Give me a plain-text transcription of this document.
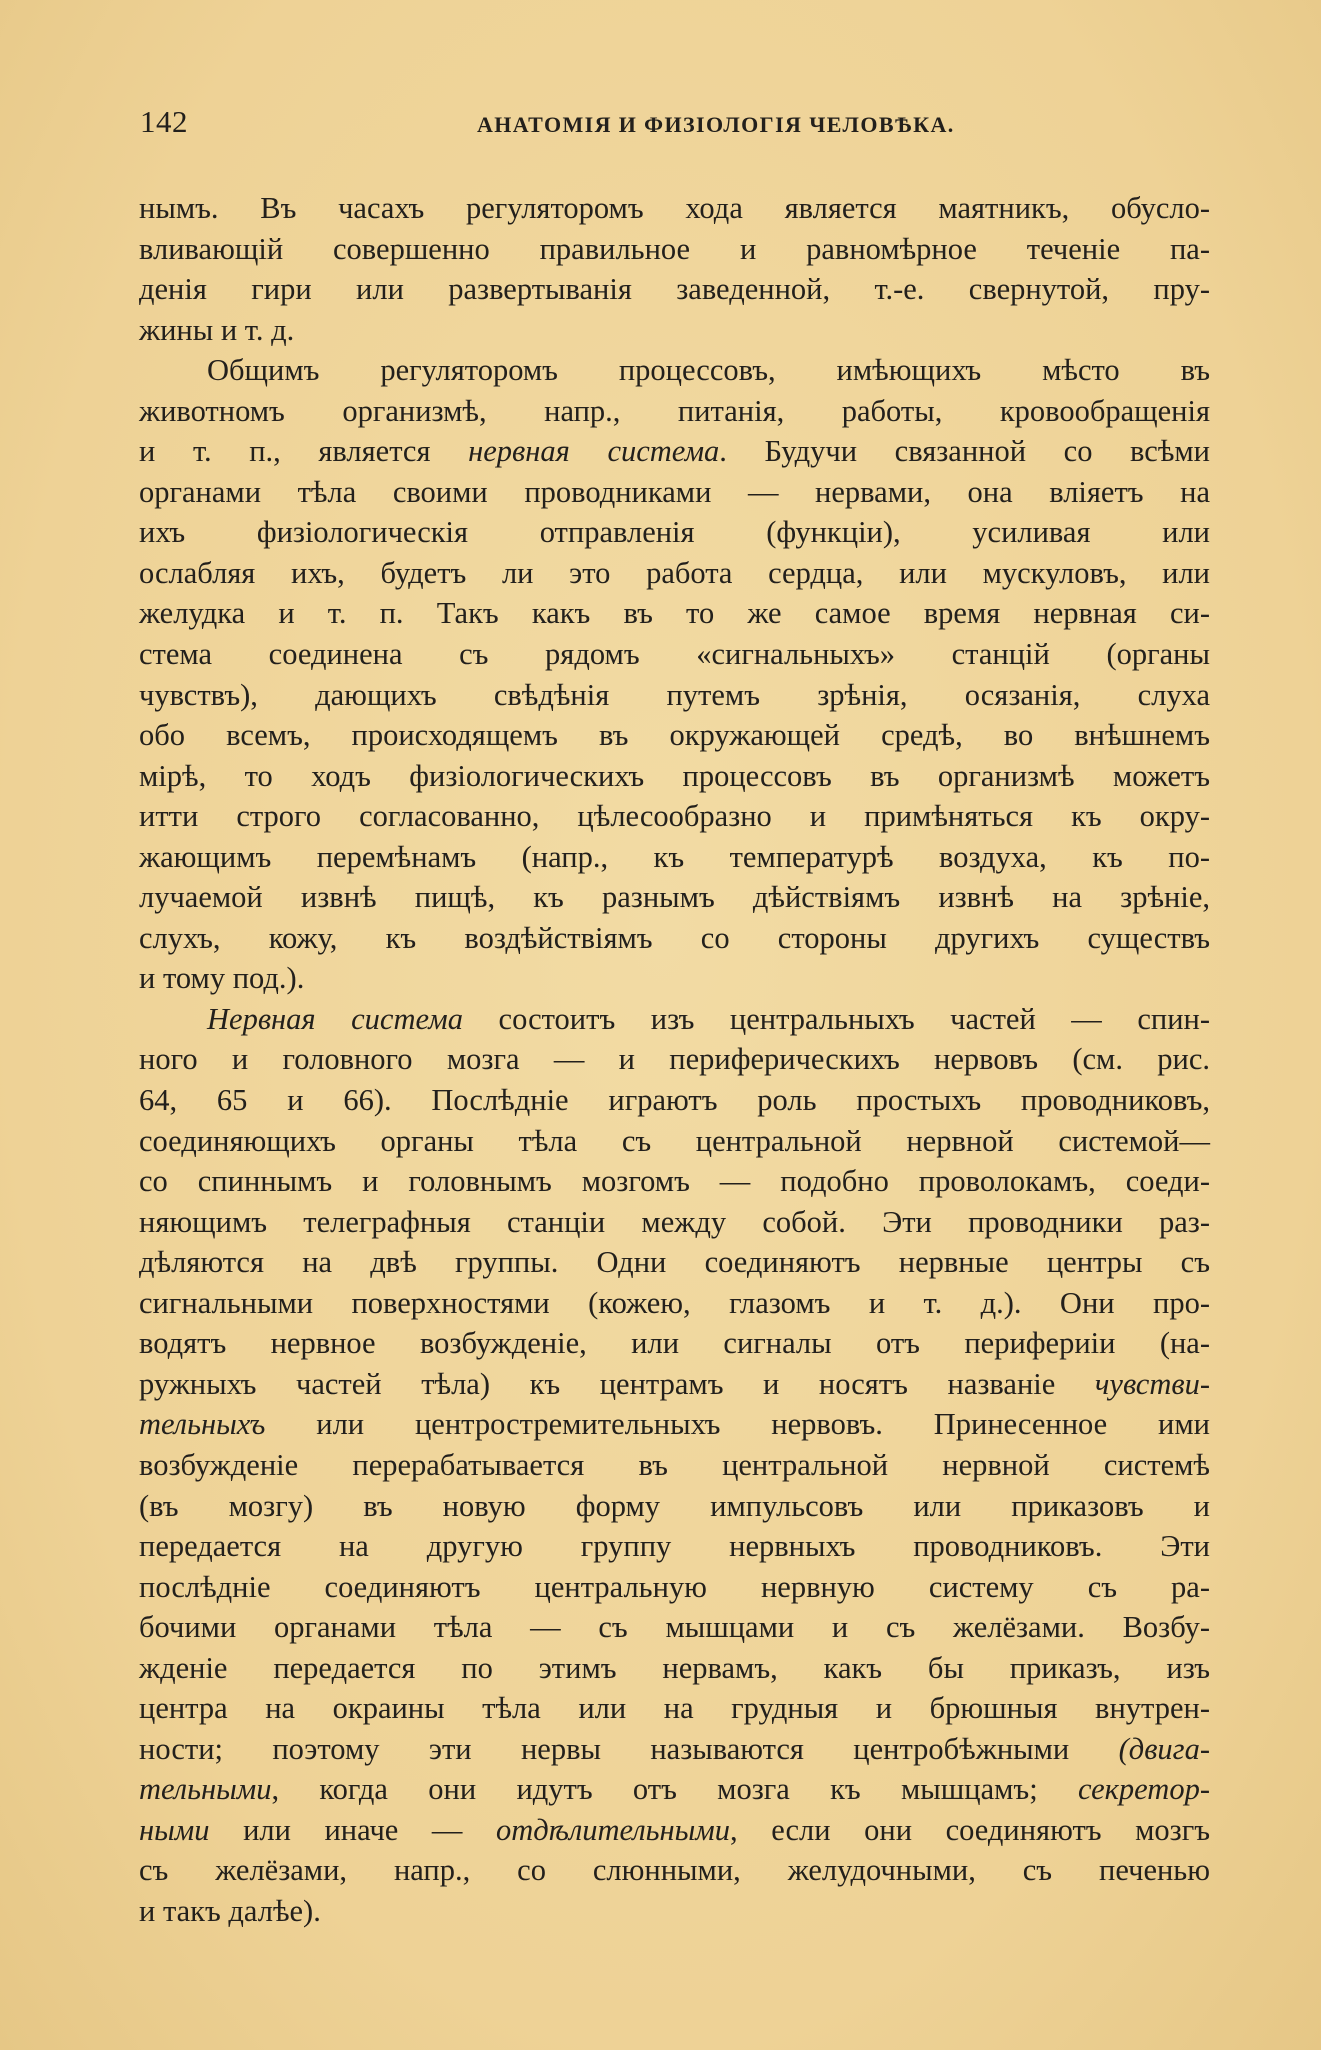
142	АНАТОМІЯ И ФИЗІОЛОГІЯ ЧЕЛОВѢКА.

нымъ. Въ часахъ регуляторомъ хода является маятникъ, обусло-
вливающій совершенно правильное и равномѣрное теченіе па-
денія гири или развертыванія заведенной, т.-е. свернутой, пру-
жины и т. д.

Общимъ регуляторомъ процессовъ, имѣющихъ мѣсто въ
животномъ организмѣ, напр., питанія, работы, кровообращенія
и т. п., является нервная система. Будучи связанной со всѣми
органами тѣла своими проводниками — нервами, она вліяетъ на
ихъ физіологическія отправленія (функціи), усиливая или
ослабляя ихъ, будетъ ли это работа сердца, или мускуловъ, или
желудка и т. п. Такъ какъ въ то же самое время нервная си-
стема соединена съ рядомъ «сигнальныхъ» станцій (органы
чувствъ), дающихъ свѣдѣнія путемъ зрѣнія, осязанія, слуха
обо всемъ, происходящемъ въ окружающей средѣ, во внѣшнемъ
мірѣ, то ходъ физіологическихъ процессовъ въ организмѣ можетъ
итти строго согласованно, цѣлесообразно и примѣняться къ окру-
жающимъ перемѣнамъ (напр., къ температурѣ воздуха, къ по-
лучаемой извнѣ пищѣ, къ разнымъ дѣйствіямъ извнѣ на зрѣніе,
слухъ, кожу, къ воздѣйствіямъ со стороны другихъ существъ
и тому под.).

Нервная система состоитъ изъ центральныхъ частей — спин-
ного и головного мозга — и периферическихъ нервовъ (см. рис.
64, 65 и 66). Послѣдніе играютъ роль простыхъ проводниковъ,
соединяющихъ органы тѣла съ центральной нервной системой—
со спиннымъ и головнымъ мозгомъ — подобно проволокамъ, соеди-
няющимъ телеграфныя станціи между собой. Эти проводники раз-
дѣляются на двѣ группы. Одни соединяютъ нервные центры съ
сигнальными поверхностями (кожею, глазомъ и т. д.). Они про-
водятъ нервное возбужденіе, или сигналы отъ перифериіи (на-
ружныхъ частей тѣла) къ центрамъ и носятъ названіе чувстви-
тельныхъ или центростремительныхъ нервовъ. Принесенное ими
возбужденіе перерабатывается въ центральной нервной системѣ
(въ мозгу) въ новую форму импульсовъ или приказовъ и
передается на другую группу нервныхъ проводниковъ. Эти
послѣдніе соединяютъ центральную нервную систему съ ра-
бочими органами тѣла — съ мышцами и съ желёзами. Возбу-
жденіе передается по этимъ нервамъ, какъ бы приказъ, изъ
центра на окраины тѣла или на грудныя и брюшныя внутрен-
ности; поэтому эти нервы называются центробѣжными (двига-
тельными, когда они идутъ отъ мозга къ мышцамъ; секретор-
ными или иначе — отдѣлительными, если они соединяютъ мозгъ
съ желёзами, напр., со слюнными, желудочными, съ печенью
и такъ далѣе).
